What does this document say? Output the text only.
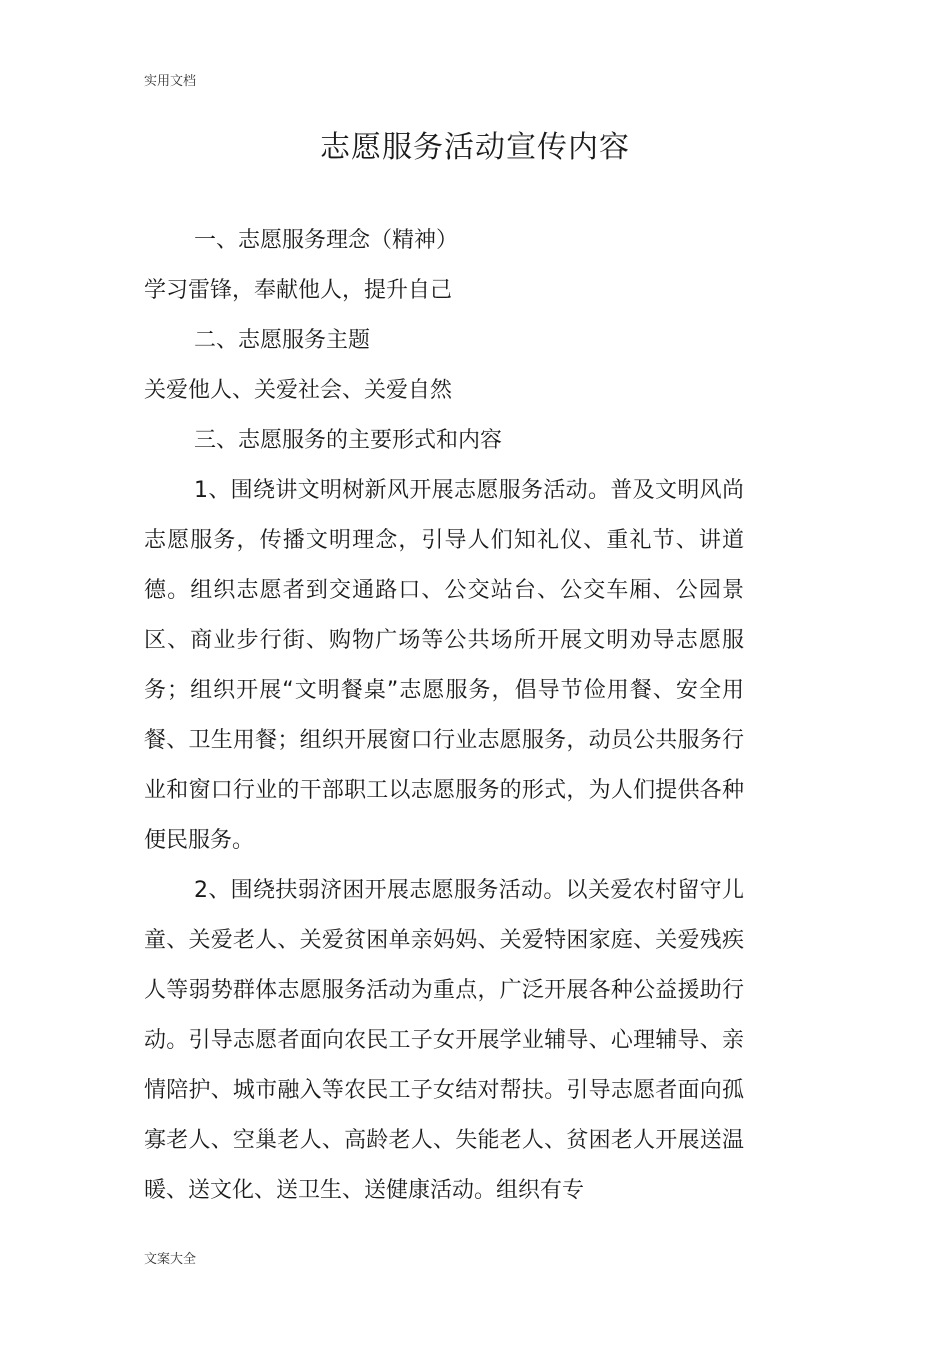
实用文档
志愿服务活动宣传内容

一、志愿服务理念（精神）

学习雷锋，奉献他人，提升自己

二、志愿服务主题

关爱他人、关爱社会、关爱自然

三、志愿服务的主要形式和内容

1、围绕讲文明树新风开展志愿服务活动。普及文明风尚志愿服务，传播文明理念，引导人们知礼仪、重礼节、讲道德。组织志愿者到交通路口、公交站台、公交车厢、公园景区、商业步行街、购物广场等公共场所开展文明劝导志愿服务；组织开展“文明餐桌”志愿服务，倡导节俭用餐、安全用餐、卫生用餐；组织开展窗口行业志愿服务，动员公共服务行业和窗口行业的干部职工以志愿服务的形式，为人们提供各种便民服务。

2、围绕扶弱济困开展志愿服务活动。以关爱农村留守儿童、关爱老人、关爱贫困单亲妈妈、关爱特困家庭、关爱残疾人等弱势群体志愿服务活动为重点，广泛开展各种公益援助行动。引导志愿者面向农民工子女开展学业辅导、心理辅导、亲情陪护、城市融入等农民工子女结对帮扶。引导志愿者面向孤寡老人、空巢老人、高龄老人、失能老人、贫困老人开展送温暖、送文化、送卫生、送健康活动。组织有专

文案大全
